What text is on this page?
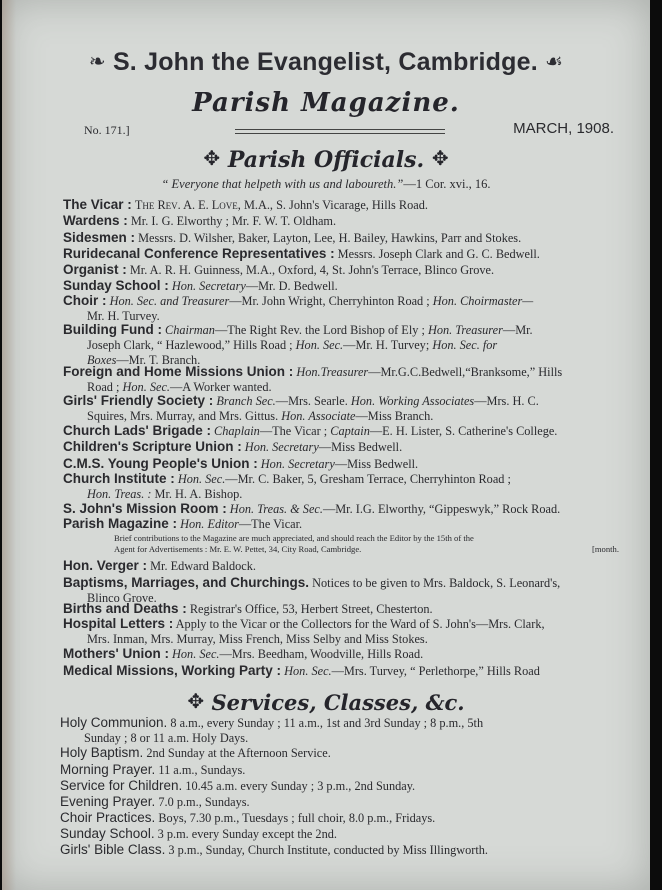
❧ S. John the Evangelist, Cambridge. ☙
Parish Magazine.
No. 171.]	MARCH, 1908.
✥ Parish Officials. ✥
“ Everyone that helpeth with us and laboureth.”—1 Cor. xvi., 16.
The Vicar : The Rev. A. E. Love, M.A., S. John's Vicarage, Hills Road.
Wardens : Mr. I. G. Elworthy ; Mr. F. W. T. Oldham.
Sidesmen : Messrs. D. Wilsher, Baker, Layton, Lee, H. Bailey, Hawkins, Parr and Stokes.
Ruridecanal Conference Representatives : Messrs. Joseph Clark and G. C. Bedwell.
Organist : Mr. A. R. H. Guinness, M.A., Oxford, 4, St. John's Terrace, Blinco Grove.
Sunday School : Hon. Secretary—Mr. D. Bedwell.
Choir : Hon. Sec. and Treasurer—Mr. John Wright, Cherryhinton Road ; Hon. Choirmaster—
Mr. H. Turvey.
Building Fund : Chairman—The Right Rev. the Lord Bishop of Ely ; Hon. Treasurer—Mr.
Joseph Clark, “ Hazlewood,” Hills Road ; Hon. Sec.—Mr. H. Turvey; Hon. Sec. for
Boxes—Mr. T. Branch.
Foreign and Home Missions Union : Hon.Treasurer—Mr.G.C.Bedwell,“Branksome,” Hills
Road ; Hon. Sec.—A Worker wanted.
Girls' Friendly Society : Branch Sec.—Mrs. Searle. Hon. Working Associates—Mrs. H. C.
Squires, Mrs. Murray, and Mrs. Gittus. Hon. Associate—Miss Branch.
Church Lads' Brigade : Chaplain—The Vicar ; Captain—E. H. Lister, S. Catherine's College.
Children's Scripture Union : Hon. Secretary—Miss Bedwell.
C.M.S. Young People's Union : Hon. Secretary—Miss Bedwell.
Church Institute : Hon. Sec.—Mr. C. Baker, 5, Gresham Terrace, Cherryhinton Road ;
Hon. Treas. : Mr. H. A. Bishop.
S. John's Mission Room : Hon. Treas. & Sec.—Mr. I.G. Elworthy, “Gippeswyk,” Rock Road.
Parish Magazine : Hon. Editor—The Vicar.
Brief contributions to the Magazine are much appreciated, and should reach the Editor by the 15th of the
Agent for Advertisements : Mr. E. W. Pettet, 34, City Road, Cambridge.	[month.
Hon. Verger : Mr. Edward Baldock.
Baptisms, Marriages, and Churchings. Notices to be given to Mrs. Baldock, S. Leonard's,
Blinco Grove.
Births and Deaths : Registrar's Office, 53, Herbert Street, Chesterton.
Hospital Letters : Apply to the Vicar or the Collectors for the Ward of S. John's—Mrs. Clark,
Mrs. Inman, Mrs. Murray, Miss French, Miss Selby and Miss Stokes.
Mothers' Union : Hon. Sec.—Mrs. Beedham, Woodville, Hills Road.
Medical Missions, Working Party : Hon. Sec.—Mrs. Turvey, “ Perlethorpe,” Hills Road
✥ Services, Classes, &c.
Holy Communion. 8 a.m., every Sunday ; 11 a.m., 1st and 3rd Sunday ; 8 p.m., 5th
Sunday ; 8 or 11 a.m. Holy Days.
Holy Baptism. 2nd Sunday at the Afternoon Service.
Morning Prayer. 11 a.m., Sundays.
Service for Children. 10.45 a.m. every Sunday ; 3 p.m., 2nd Sunday.
Evening Prayer. 7.0 p.m., Sundays.
Choir Practices. Boys, 7.30 p.m., Tuesdays ; full choir, 8.0 p.m., Fridays.
Sunday School. 3 p.m. every Sunday except the 2nd.
Girls' Bible Class. 3 p.m., Sunday, Church Institute, conducted by Miss Illingworth.
